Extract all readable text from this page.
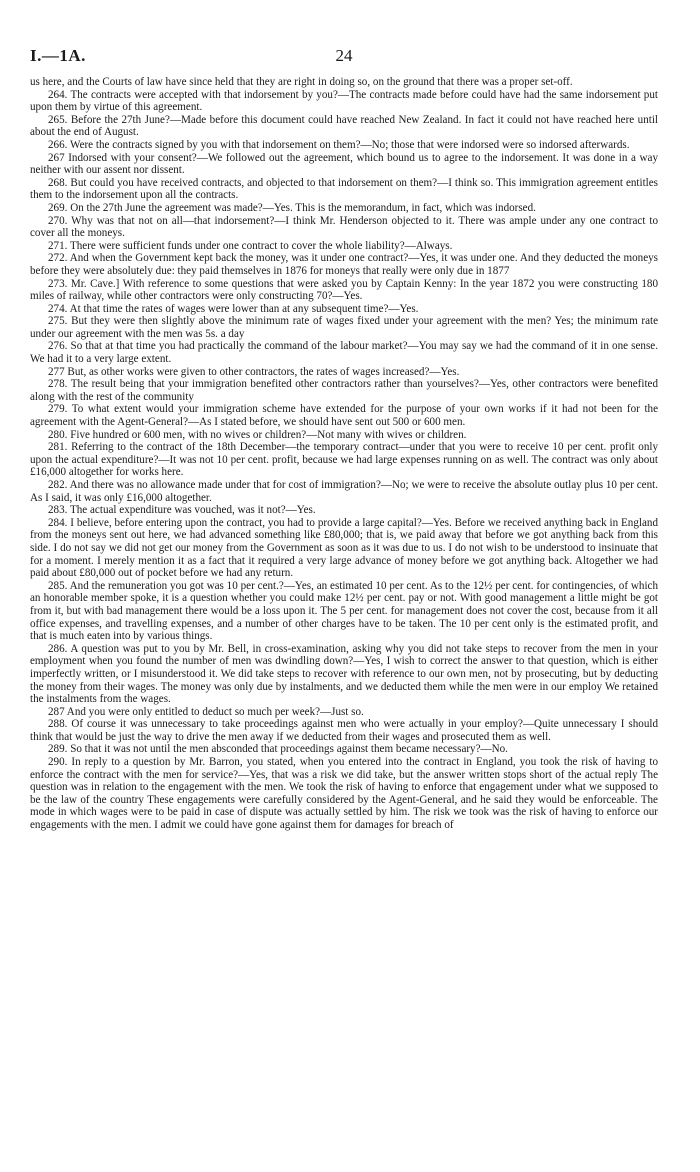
24
I.—1A.

us here, and the Courts of law have since held that they are right in doing so, on the ground that there was a proper set-off.

264. The contracts were accepted with that indorsement by you?—The contracts made before could have had the same indorsement put upon them by virtue of this agreement.

265. Before the 27th June?—Made before this document could have reached New Zealand. In fact it could not have reached here until about the end of August.

266. Were the contracts signed by you with that indorsement on them?—No; those that were indorsed were so indorsed afterwards.

267 Indorsed with your consent?—We followed out the agreement, which bound us to agree to the indorsement. It was done in a way neither with our assent nor dissent.

268. But could you have received contracts, and objected to that indorsement on them?—I think so. This immigration agreement entitles them to the indorsement upon all the contracts.

269. On the 27th June the agreement was made?—Yes. This is the memorandum, in fact, which was indorsed.

270. Why was that not on all—that indorsement?—I think Mr. Henderson objected to it. There was ample under any one contract to cover all the moneys.

271. There were sufficient funds under one contract to cover the whole liability?—Always.

272. And when the Government kept back the money, was it under one contract?—Yes, it was under one. And they deducted the moneys before they were absolutely due: they paid themselves in 1876 for moneys that really were only due in 1877

273. Mr. Cave.] With reference to some questions that were asked you by Captain Kenny: In the year 1872 you were constructing 180 miles of railway, while other contractors were only constructing 70?—Yes.

274. At that time the rates of wages were lower than at any subsequent time?—Yes.

275. But they were then slightly above the minimum rate of wages fixed under your agreement with the men? Yes; the minimum rate under our agreement with the men was 5s. a day

276. So that at that time you had practically the command of the labour market?—You may say we had the command of it in one sense. We had it to a very large extent.

277 But, as other works were given to other contractors, the rates of wages increased?—Yes.

278. The result being that your immigration benefited other contractors rather than yourselves?—Yes, other contractors were benefited along with the rest of the community

279. To what extent would your immigration scheme have extended for the purpose of your own works if it had not been for the agreement with the Agent-General?—As I stated before, we should have sent out 500 or 600 men.

280. Five hundred or 600 men, with no wives or children?—Not many with wives or children.

281. Referring to the contract of the 18th December—the temporary contract—under that you were to receive 10 per cent. profit only upon the actual expenditure?—It was not 10 per cent. profit, because we had large expenses running on as well. The contract was only about £16,000 altogether for works here.

282. And there was no allowance made under that for cost of immigration?—No; we were to receive the absolute outlay plus 10 per cent. As I said, it was only £16,000 altogether.

283. The actual expenditure was vouched, was it not?—Yes.

284. I believe, before entering upon the contract, you had to provide a large capital?—Yes. Before we received anything back in England from the moneys sent out here, we had advanced something like £80,000; that is, we paid away that before we got anything back from this side. I do not say we did not get our money from the Government as soon as it was due to us. I do not wish to be understood to insinuate that for a moment. I merely mention it as a fact that it required a very large advance of money before we got anything back. Altogether we had paid about £80,000 out of pocket before we had any return.

285. And the remuneration you got was 10 per cent.?—Yes, an estimated 10 per cent. As to the 12½ per cent. for contingencies, of which an honorable member spoke, it is a question whether you could make 12½ per cent. pay or not. With good management a little might be got from it, but with bad management there would be a loss upon it. The 5 per cent. for management does not cover the cost, because from it all office expenses, and travelling expenses, and a number of other charges have to be taken. The 10 per cent only is the estimated profit, and that is much eaten into by various things.

286. A question was put to you by Mr. Bell, in cross-examination, asking why you did not take steps to recover from the men in your employment when you found the number of men was dwindling down?—Yes, I wish to correct the answer to that question, which is either imperfectly written, or I misunderstood it. We did take steps to recover with reference to our own men, not by prosecuting, but by deducting the money from their wages. The money was only due by instalments, and we deducted them while the men were in our employ We retained the instalments from the wages.

287 And you were only entitled to deduct so much per week?—Just so.

288. Of course it was unnecessary to take proceedings against men who were actually in your employ?—Quite unnecessary I should think that would be just the way to drive the men away if we deducted from their wages and prosecuted them as well.

289. So that it was not until the men absconded that proceedings against them became necessary?—No.

290. In reply to a question by Mr. Barron, you stated, when you entered into the contract in England, you took the risk of having to enforce the contract with the men for service?—Yes, that was a risk we did take, but the answer written stops short of the actual reply The question was in relation to the engagement with the men. We took the risk of having to enforce that engagement under what we supposed to be the law of the country These engagements were carefully considered by the Agent-General, and he said they would be enforceable. The mode in which wages were to be paid in case of dispute was actually settled by him. The risk we took was the risk of having to enforce our engagements with the men. I admit we could have gone against them for damages for breach of
